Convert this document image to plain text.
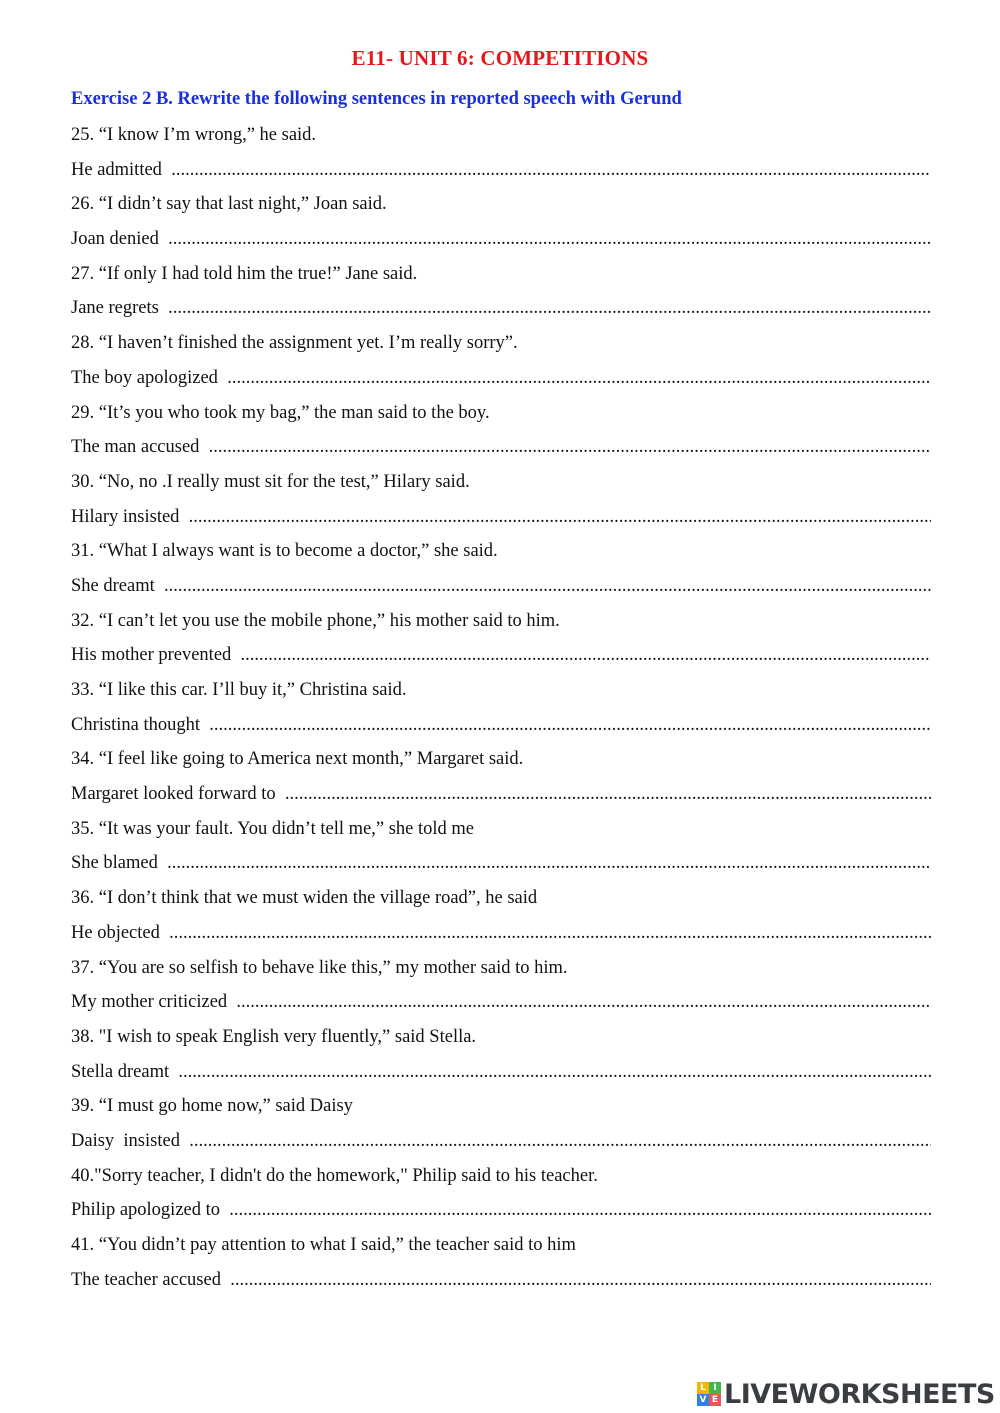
E11- UNIT 6: COMPETITIONS
Exercise 2 B. Rewrite the following sentences in reported speech with Gerund
25. “I know I’m wrong,” he said.
He admitted
.....
26. “I didn’t say that last night,” Joan said.
Joan denied
.....
27. “If only I had told him the true!” Jane said.
Jane regrets
.....
28. “I haven’t finished the assignment yet. I’m really sorry”.
The boy apologized
.....
29. “It’s you who took my bag,” the man said to the boy.
The man accused
.....
30. “No, no .I really must sit for the test,” Hilary said.
Hilary insisted
.....
31. “What I always want is to become a doctor,” she said.
She dreamt
.....
32. “I can’t let you use the mobile phone,” his mother said to him.
His mother prevented
.....
33. “I like this car. I’ll buy it,” Christina said.
Christina thought
.....
34. “I feel like going to America next month,” Margaret said.
Margaret looked forward to
.....
35. “It was your fault. You didn’t tell me,” she told me
She blamed
.....
36. “I don’t think that we must widen the village road”, he said
He objected
.....
37. “You are so selfish to behave like this,” my mother said to him.
My mother criticized
.....
38. "I wish to speak English very fluently,” said Stella.
Stella dreamt
.....
39. “I must go home now,” said Daisy
Daisy  insisted
.....
40."Sorry teacher, I didn't do the homework," Philip said to his teacher.
Philip apologized to
.....
41. “You didn’t pay attention to what I said,” the teacher said to him
The teacher accused
.....
L I
V E LIVEWORKSHEETS
